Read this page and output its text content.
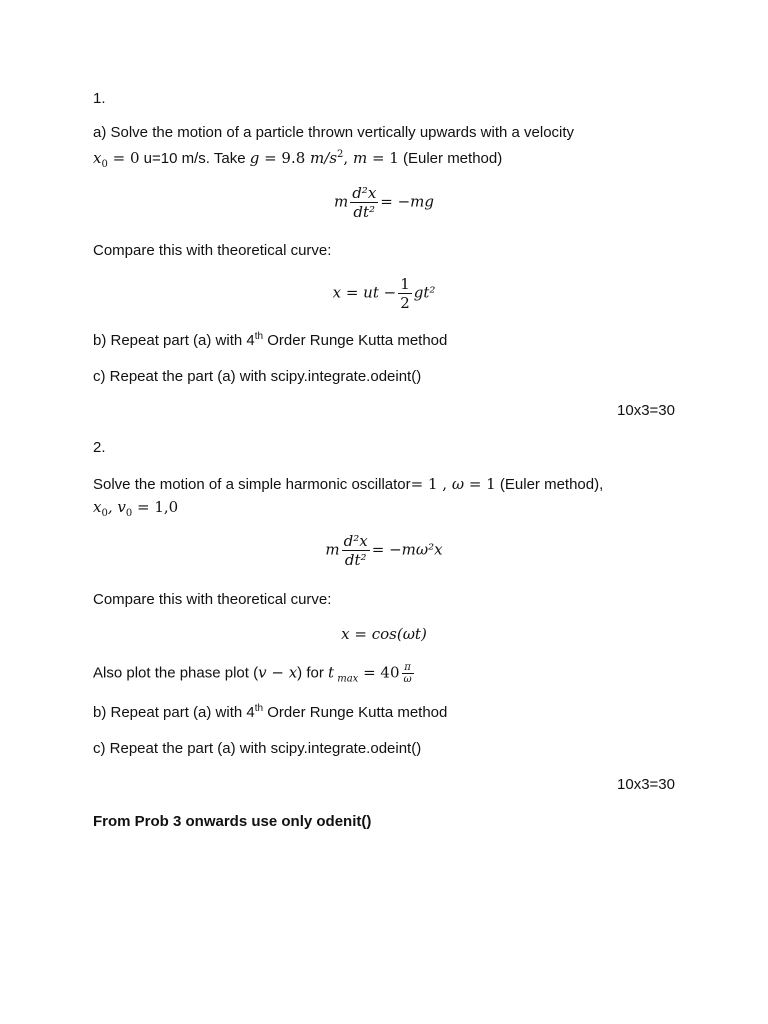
1.
a) Solve the motion of a particle thrown vertically upwards with a velocity
$x_0 = 0$ u=10 m/s. Take g = 9.8 $m/s^2$, m = 1 (Euler method)
m $\frac{\text{d²x}}{\text{dt²}} = -mg$
Compare this with theoretical curve:
x = ut − $\frac{1}{2} gt^2$
b) Repeat part (a) with 4th Order Runge Kutta method
c) Repeat the part (a) with scipy.integrate.odeint()
10x3=30
2.
Solve the motion of a simple harmonic oscillator= 1 , ω = 1 (Euler method),
$x_0$, $v_0 = 1,0$
m $\frac{\text{d²x}}{\text{dt²}} = -m\omega^2x$
Compare this with theoretical curve:
x = cos(ωt)
Also plot the phase plot (v − x) for t $_{max} = 40 \frac{\pi}{\omega}$
b) Repeat part (a) with 4th Order Runge Kutta method
c) Repeat the part (a) with scipy.integrate.odeint()
10x3=30
From Prob 3 onwards use only odenit()
